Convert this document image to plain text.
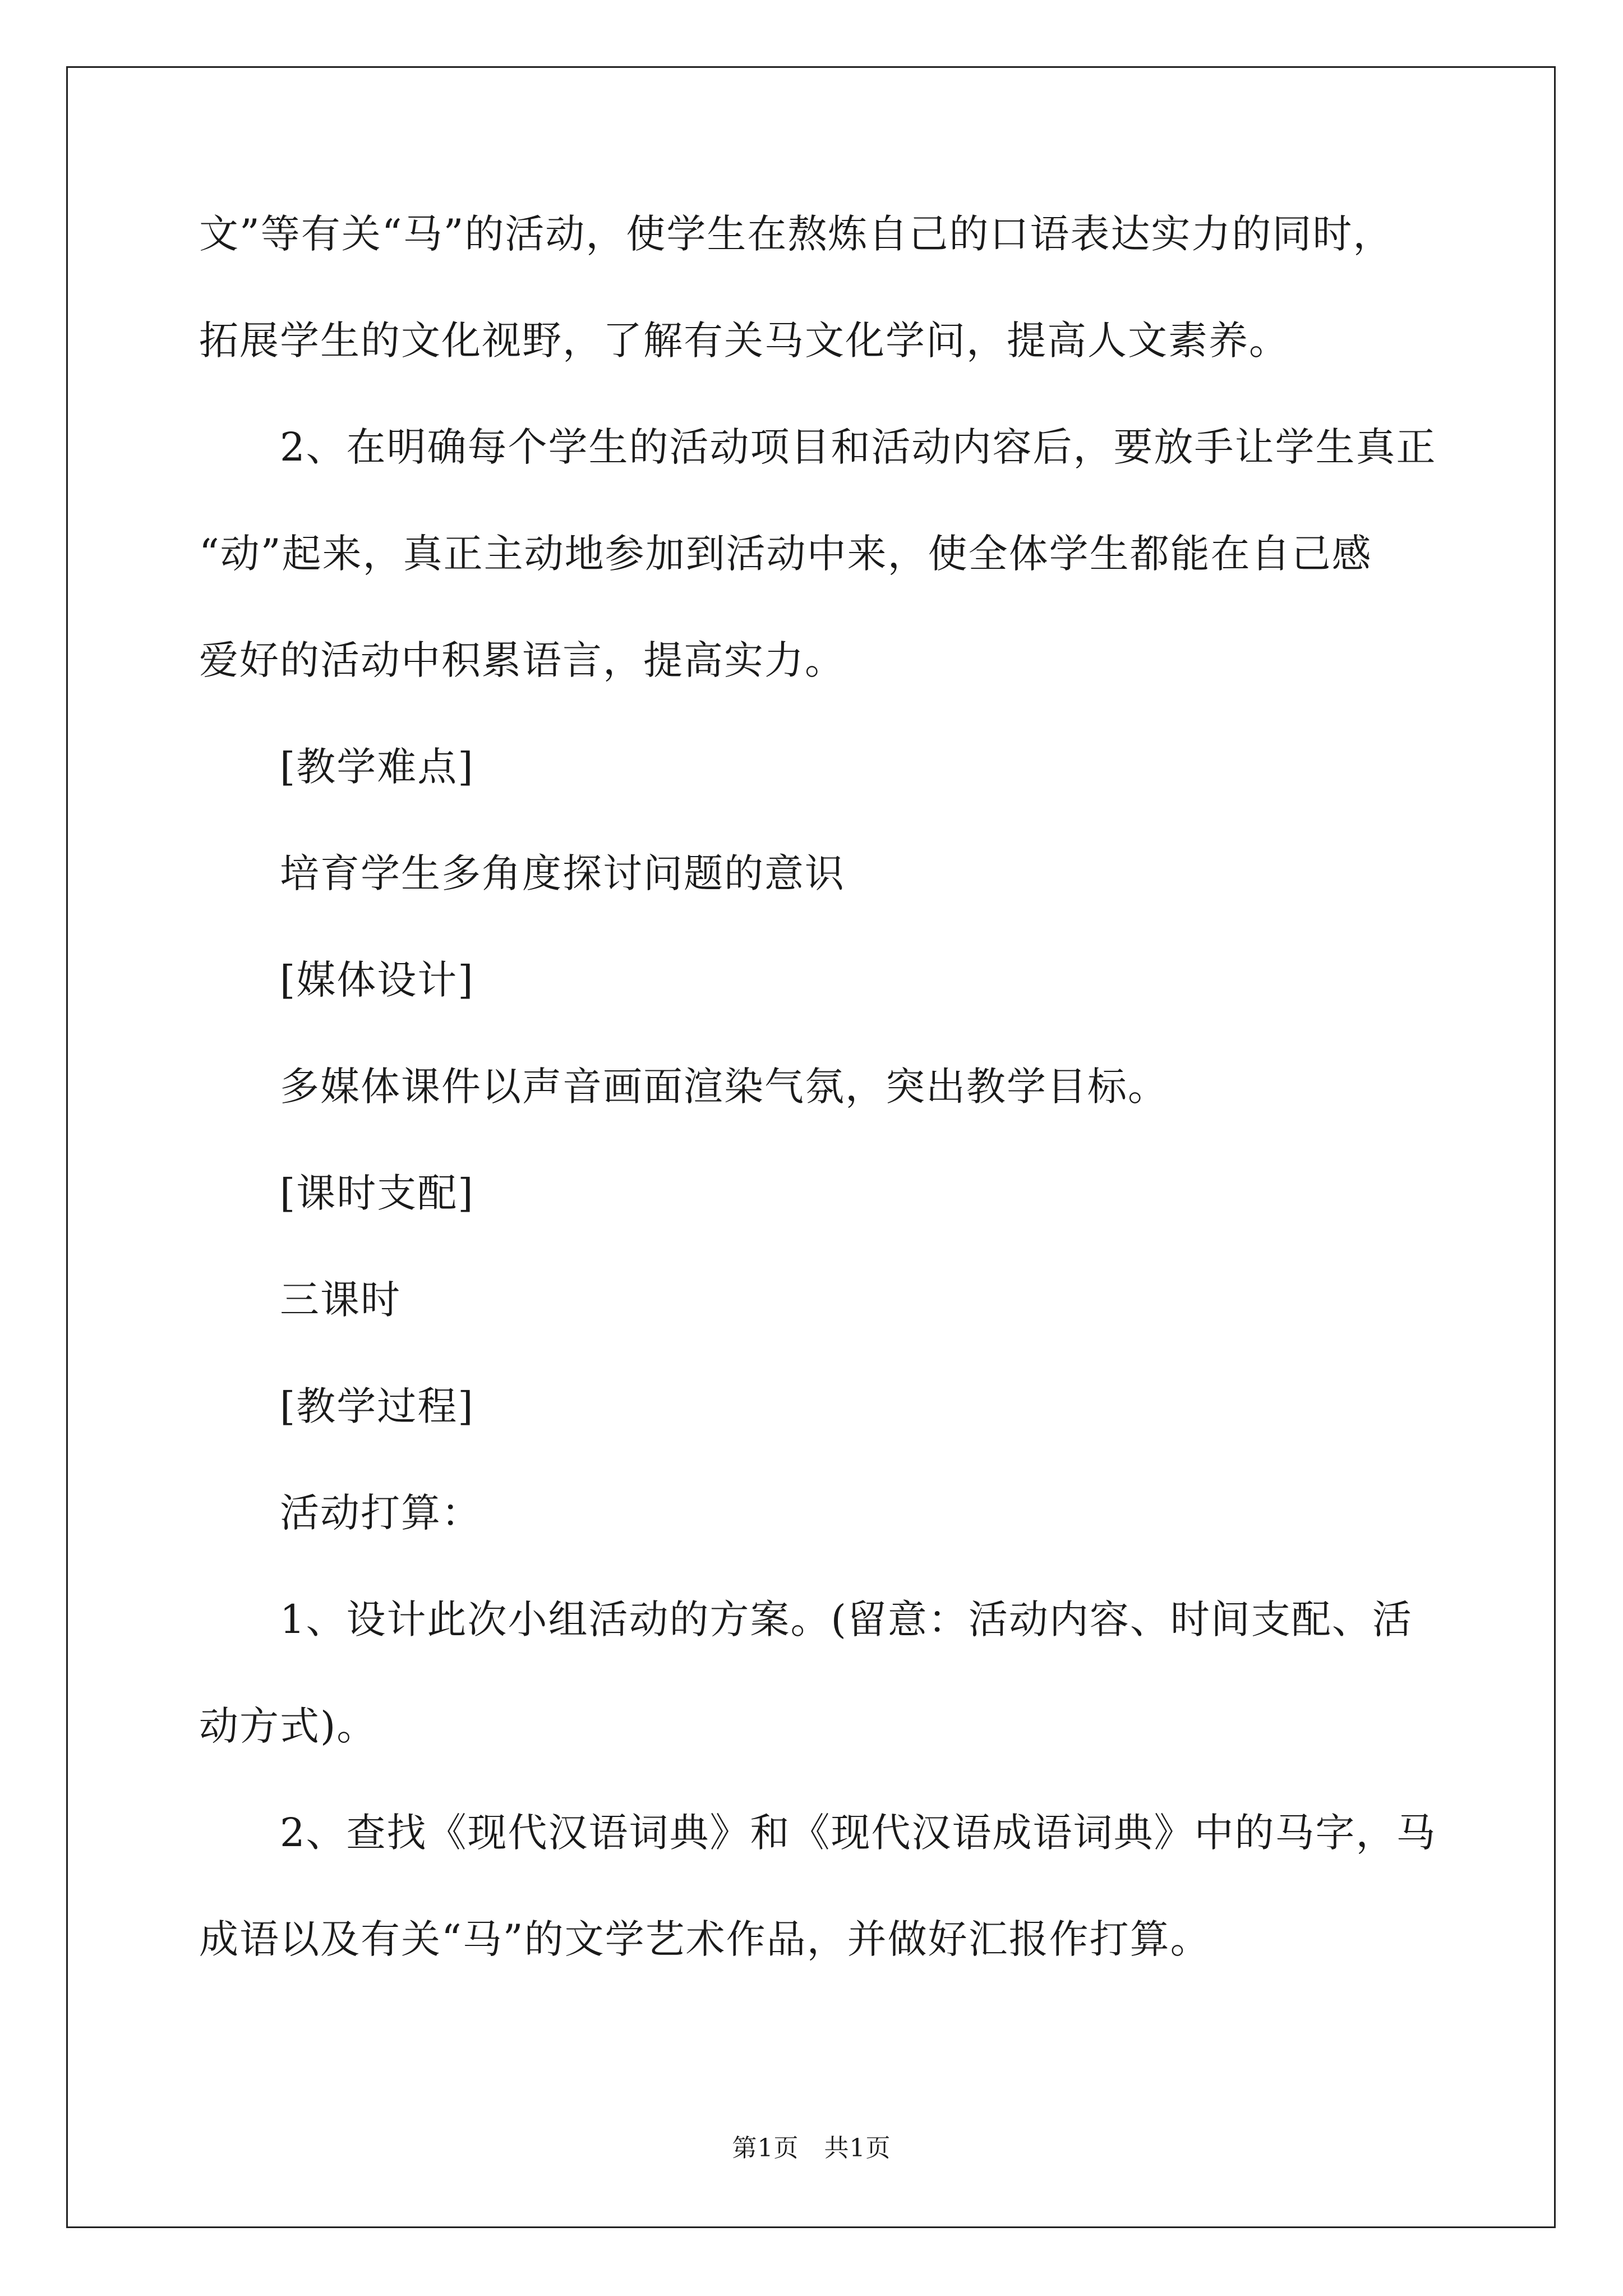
文”等有关“马”的活动，使学生在熬炼自己的口语表达实力的同时，
拓展学生的文化视野，了解有关马文化学问，提高人文素养。
2、在明确每个学生的活动项目和活动内容后，要放手让学生真正
“动”起来，真正主动地参加到活动中来，使全体学生都能在自己感
爱好的活动中积累语言，提高实力。
[教学难点]
培育学生多角度探讨问题的意识
[媒体设计]
多媒体课件以声音画面渲染气氛，突出教学目标。
[课时支配]
三课时
[教学过程]
活动打算：
1、设计此次小组活动的方案。(留意：活动内容、时间支配、活
动方式)。
2、查找《现代汉语词典》和《现代汉语成语词典》中的马字，马
成语以及有关“马”的文学艺术作品，并做好汇报作打算。
第1页　共1页
